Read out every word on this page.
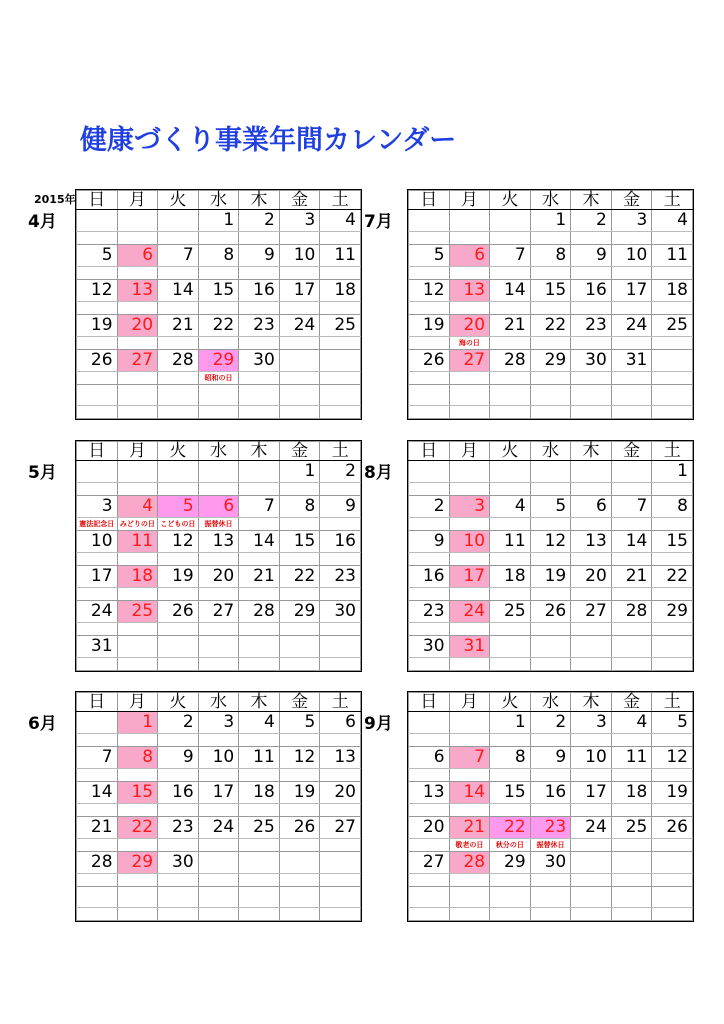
健康づくり事業年間カレンダー
2015年
4月
日	月	火	水	木	金	土
			1	2	3	4

5	6	7	8	9	10	11

12	13	14	15	16	17	18

19	20	21	22	23	24	25

26	27	28	29	30		
			昭和の日			

7月
日	月	火	水	木	金	土
			1	2	3	4

5	6	7	8	9	10	11

12	13	14	15	16	17	18

19	20	21	22	23	24	25
	海の日					
26	27	28	29	30	31	

5月
日	月	火	水	木	金	土
					1	2

3	4	5	6	7	8	9
憲法記念日	みどりの日	こどもの日	振替休日			
10	11	12	13	14	15	16

17	18	19	20	21	22	23

24	25	26	27	28	29	30

31						

8月
日	月	火	水	木	金	土
						1

2	3	4	5	6	7	8

9	10	11	12	13	14	15

16	17	18	19	20	21	22

23	24	25	26	27	28	29

30	31					

6月
日	月	火	水	木	金	土
	1	2	3	4	5	6

7	8	9	10	11	12	13

14	15	16	17	18	19	20

21	22	23	24	25	26	27

28	29	30				

9月
日	月	火	水	木	金	土
		1	2	3	4	5

6	7	8	9	10	11	12

13	14	15	16	17	18	19

20	21	22	23	24	25	26
	敬老の日	秋分の日	振替休日			
27	28	29	30			
